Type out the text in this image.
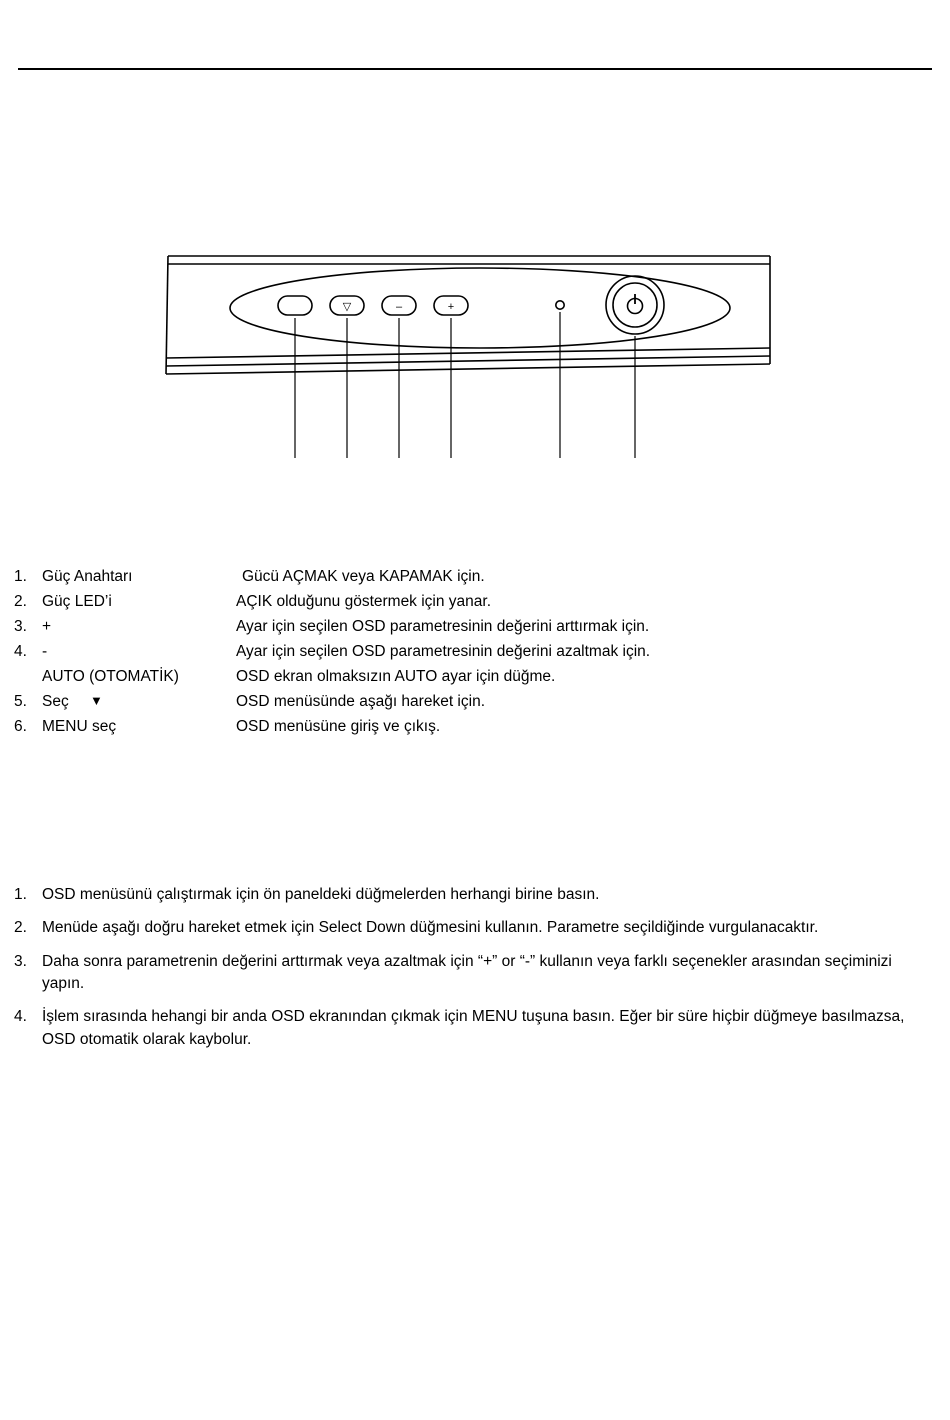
▽	–	+
1. Güç Anahtarı	Gücü AÇMAK veya KAPAMAK için.
2. Güç LED’i	AÇIK olduğunu göstermek için yanar.
3. +	Ayar için seçilen OSD parametresinin değerini arttırmak için.
4. -	Ayar için seçilen OSD parametresinin değerini azaltmak için.
AUTO (OTOMATİK)	OSD ekran olmaksızın AUTO ayar için düğme.
5. Seç ▼	OSD menüsünde aşağı hareket için.
6. MENU seç	OSD menüsüne giriş ve çıkış.
1. OSD menüsünü çalıştırmak için ön paneldeki düğmelerden herhangi birine basın.
2. Menüde aşağı doğru hareket etmek için Select Down düğmesini kullanın. Parametre seçildiğinde vurgulanacaktır.
3. Daha sonra parametrenin değerini arttırmak veya azaltmak için “+” or “-” kullanın veya farklı seçenekler arasından seçiminizi yapın.
4. İşlem sırasında hehangi bir anda OSD ekranından çıkmak için MENU tuşuna basın. Eğer bir süre hiçbir düğmeye basılmazsa, OSD otomatik olarak kaybolur.
